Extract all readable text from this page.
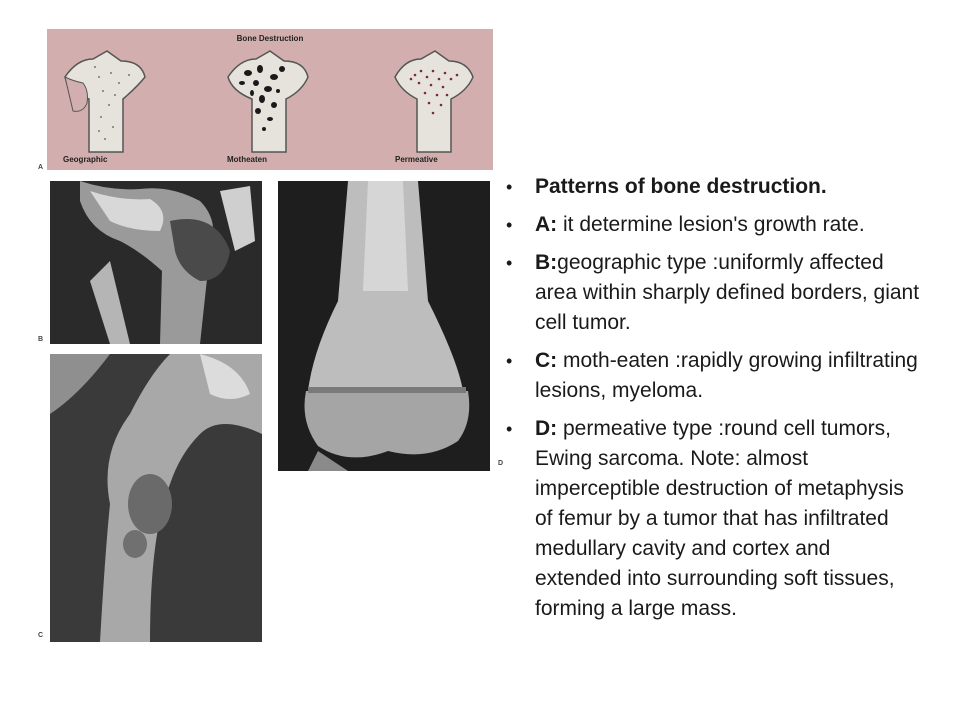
Bone Destruction
Geographic	Motheaten	Permeative
A
B
D
C
• Patterns of bone destruction.
• A: it determine lesion's growth rate.
• B:geographic type :uniformly affected area within sharply defined borders, giant cell tumor.
• C: moth-eaten :rapidly growing infiltrating lesions, myeloma.
• D: permeative type :round cell tumors, Ewing sarcoma. Note: almost imperceptible destruction of metaphysis of femur by a tumor that has infiltrated medullary cavity and cortex and extended into surrounding soft tissues, forming a large mass.
